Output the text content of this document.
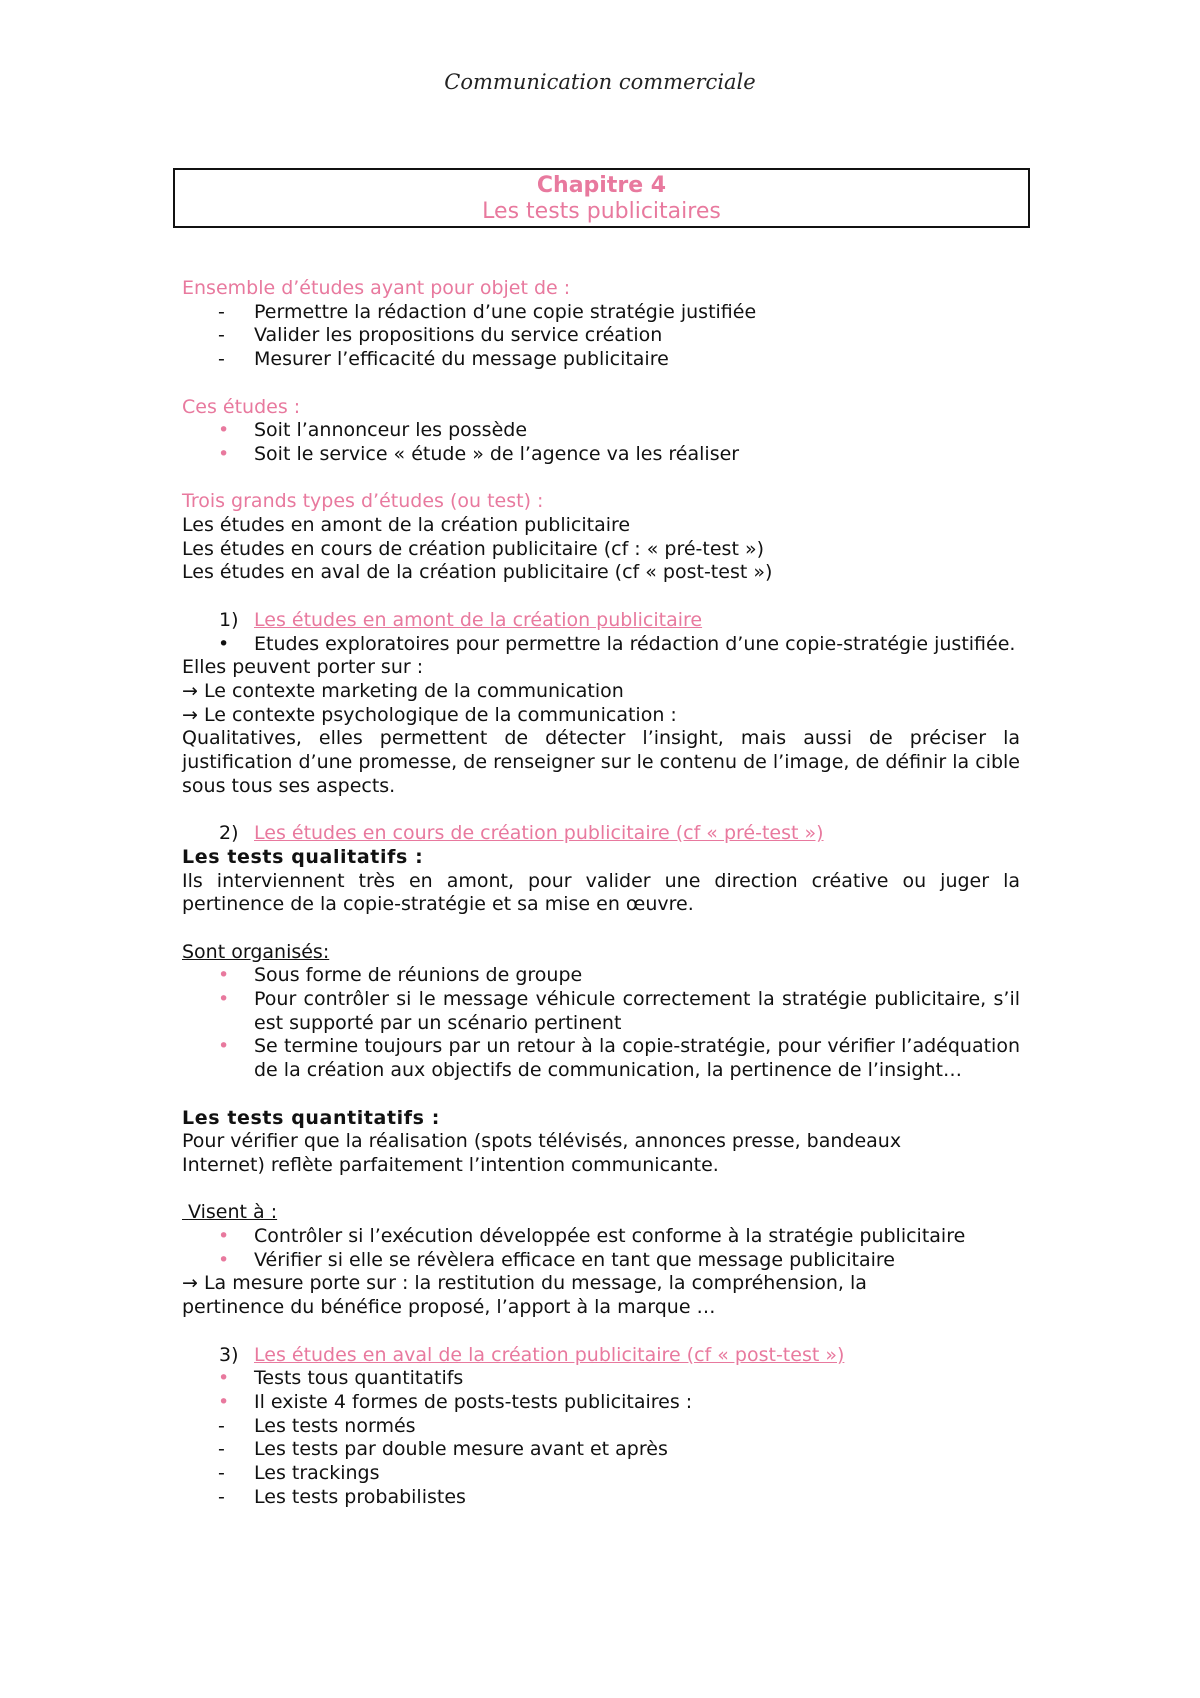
Communication commerciale
Chapitre 4
Les tests publicitaires
Ensemble d’études ayant pour objet de :
- Permettre la rédaction d’une copie stratégie justifiée
- Valider les propositions du service création
- Mesurer l’efficacité du message publicitaire
Ces études :
• Soit l’annonceur les possède
• Soit le service « étude » de l’agence va les réaliser
Trois grands types d’études (ou test) :
Les études en amont de la création publicitaire
Les études en cours de création publicitaire (cf : « pré-test »)
Les études en aval de la création publicitaire (cf « post-test »)
1) Les études en amont de la création publicitaire
• Etudes exploratoires pour permettre la rédaction d’une copie-stratégie justifiée.
Elles peuvent porter sur :
→ Le contexte marketing de la communication
→ Le contexte psychologique de la communication :
Qualitatives, elles permettent de détecter l’insight, mais aussi de préciser la justification d’une promesse, de renseigner sur le contenu de l’image, de définir la cible sous tous ses aspects.
2) Les études en cours de création publicitaire (cf « pré-test »)
Les tests qualitatifs :
Ils interviennent très en amont, pour valider une direction créative ou juger la pertinence de la copie-stratégie et sa mise en œuvre.
Sont organisés:
• Sous forme de réunions de groupe
• Pour contrôler si le message véhicule correctement la stratégie publicitaire, s’il est supporté par un scénario pertinent
• Se termine toujours par un retour à la copie-stratégie, pour vérifier l’adéquation de la création aux objectifs de communication, la pertinence de l’insight…
Les tests quantitatifs :
Pour vérifier que la réalisation (spots télévisés, annonces presse, bandeaux Internet) reflète parfaitement l’intention communicante.
Visent à :
• Contrôler si l’exécution développée est conforme à la stratégie publicitaire
• Vérifier si elle se révèlera efficace en tant que message publicitaire
→ La mesure porte sur : la restitution du message, la compréhension, la pertinence du bénéfice proposé, l’apport à la marque …
3) Les études en aval de la création publicitaire (cf « post-test »)
• Tests tous quantitatifs
• Il existe 4 formes de posts-tests publicitaires :
- Les tests normés
- Les tests par double mesure avant et après
- Les trackings
- Les tests probabilistes
